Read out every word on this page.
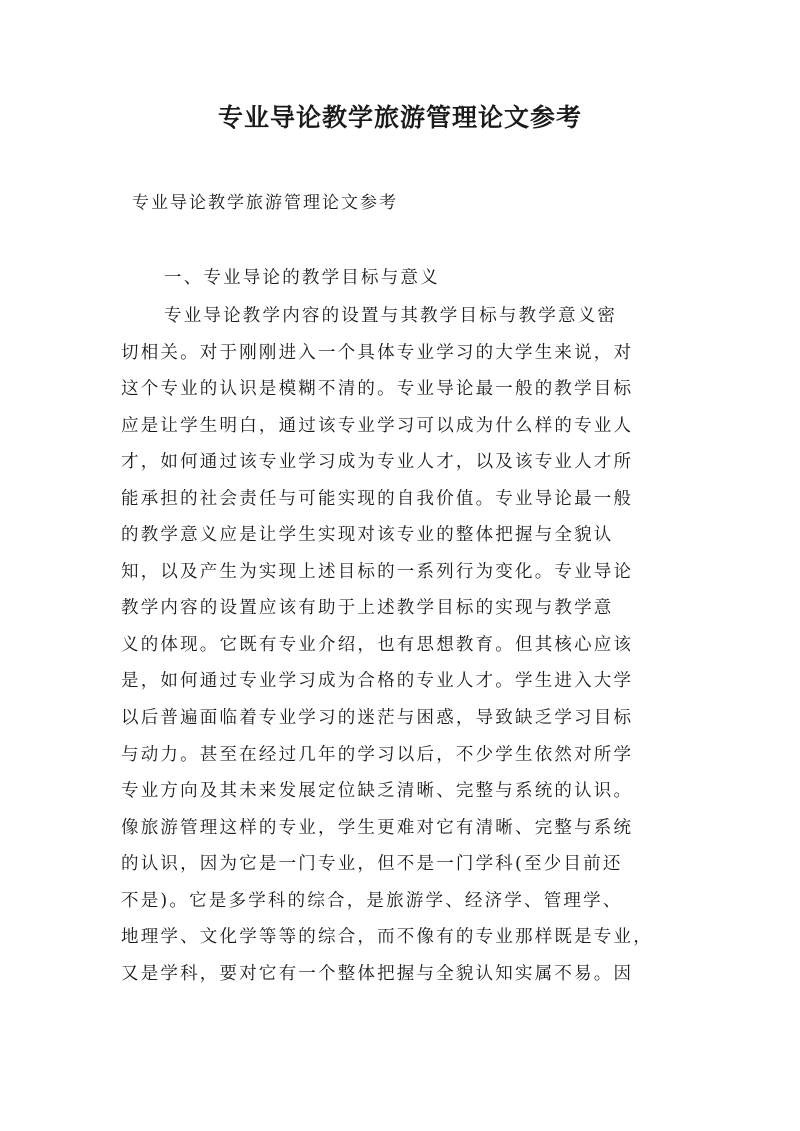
专业导论教学旅游管理论文参考
专业导论教学旅游管理论文参考
一、专业导论的教学目标与意义
专业导论教学内容的设置与其教学目标与教学意义密
切相关。对于刚刚进入一个具体专业学习的大学生来说，对
这个专业的认识是模糊不清的。专业导论最一般的教学目标
应是让学生明白，通过该专业学习可以成为什么样的专业人
才，如何通过该专业学习成为专业人才，以及该专业人才所
能承担的社会责任与可能实现的自我价值。专业导论最一般
的教学意义应是让学生实现对该专业的整体把握与全貌认
知，以及产生为实现上述目标的一系列行为变化。专业导论
教学内容的设置应该有助于上述教学目标的实现与教学意
义的体现。它既有专业介绍，也有思想教育。但其核心应该
是，如何通过专业学习成为合格的专业人才。学生进入大学
以后普遍面临着专业学习的迷茫与困惑，导致缺乏学习目标
与动力。甚至在经过几年的学习以后，不少学生依然对所学
专业方向及其未来发展定位缺乏清晰、完整与系统的认识。
像旅游管理这样的专业，学生更难对它有清晰、完整与系统
的认识，因为它是一门专业，但不是一门学科(至少目前还
不是)。它是多学科的综合，是旅游学、经济学、管理学、
地理学、文化学等等的综合，而不像有的专业那样既是专业，
又是学科，要对它有一个整体把握与全貌认知实属不易。因
